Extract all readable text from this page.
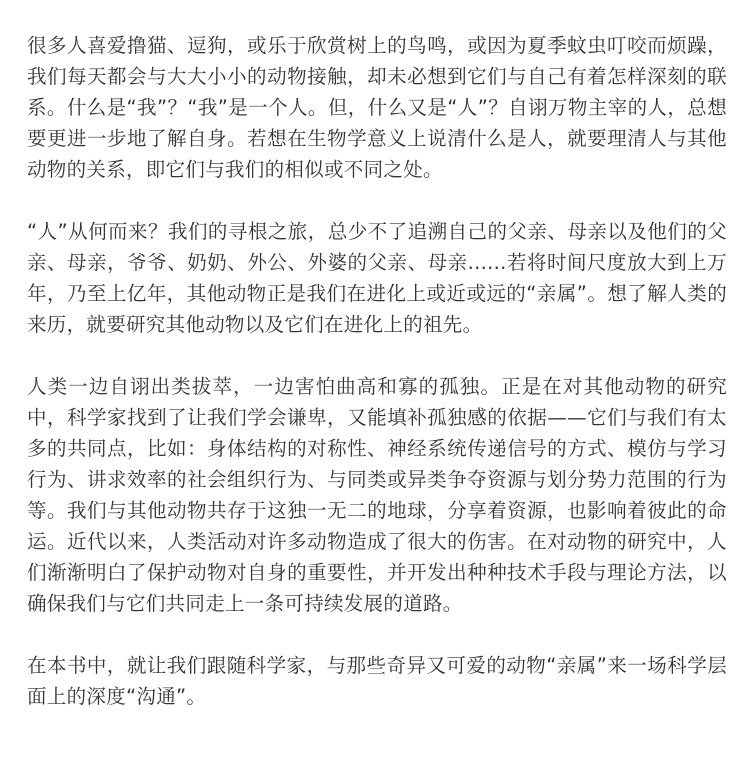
很多人喜爱撸猫、逗狗，或乐于欣赏树上的鸟鸣，或因为夏季蚊虫叮咬而烦躁，我们每天都会与大大小小的动物接触，却未必想到它们与自己有着怎样深刻的联系。什么是“我”？“我”是一个人。但，什么又是“人”？自诩万物主宰的人，总想要更进一步地了解自身。若想在生物学意义上说清什么是人，就要理清人与其他动物的关系，即它们与我们的相似或不同之处。

“人”从何而来？我们的寻根之旅，总少不了追溯自己的父亲、母亲以及他们的父亲、母亲，爷爷、奶奶、外公、外婆的父亲、母亲......若将时间尺度放大到上万年，乃至上亿年，其他动物正是我们在进化上或近或远的“亲属”。想了解人类的来历，就要研究其他动物以及它们在进化上的祖先。

人类一边自诩出类拔萃，一边害怕曲高和寡的孤独。正是在对其他动物的研究中，科学家找到了让我们学会谦卑，又能填补孤独感的依据——它们与我们有太多的共同点，比如：身体结构的对称性、神经系统传递信号的方式、模仿与学习行为、讲求效率的社会组织行为、与同类或异类争夺资源与划分势力范围的行为等。我们与其他动物共存于这独一无二的地球，分享着资源，也影响着彼此的命运。近代以来，人类活动对许多动物造成了很大的伤害。在对动物的研究中，人们渐渐明白了保护动物对自身的重要性，并开发出种种技术手段与理论方法，以确保我们与它们共同走上一条可持续发展的道路。

在本书中，就让我们跟随科学家，与那些奇异又可爱的动物“亲属”来一场科学层面上的深度“沟通”。
